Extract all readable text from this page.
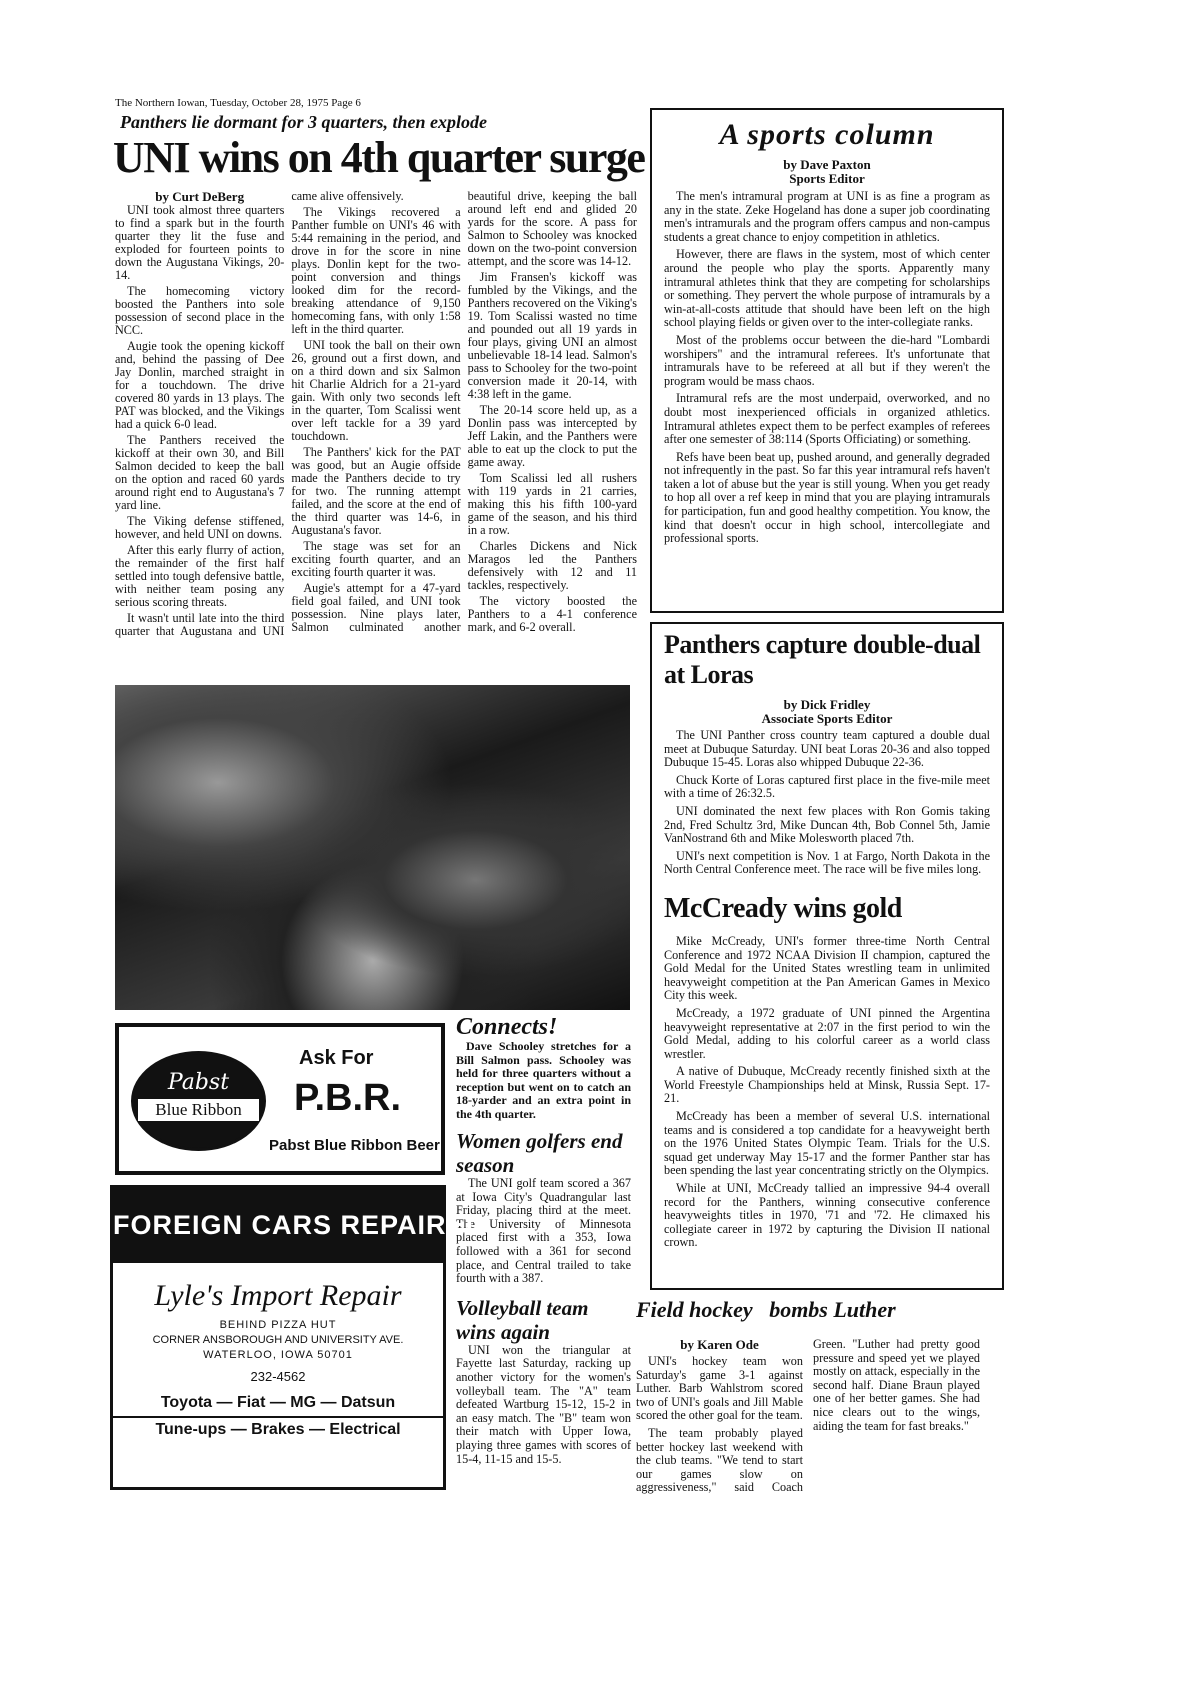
The Northern Iowan, Tuesday, October 28, 1975 Page 6
Panthers lie dormant for 3 quarters, then explode
UNI wins on 4th quarter surge
by Curt DeBerg

UNI took almost three quarters to find a spark but in the fourth quarter they lit the fuse and exploded for fourteen points to down the Augustana Vikings, 20-14.

The homecoming victory boosted the Panthers into sole possession of second place in the NCC.

Augie took the opening kickoff and, behind the passing of Dee Jay Donlin, marched straight in for a touchdown. The drive covered 80 yards in 13 plays. The PAT was blocked, and the Vikings had a quick 6-0 lead.

The Panthers received the kickoff at their own 30, and Bill Salmon decided to keep the ball on the option and raced 60 yards around right end to Augustana's 7 yard line.

The Viking defense stiffened, however, and held UNI on downs.

After this early flurry of action, the remainder of the first half settled into tough defensive battle, with neither team posing any serious scoring threats.

It wasn't until late into the third quarter that Augustana and UNI came alive offensively.

The Vikings recovered a Panther fumble on UNI's 46 with 5:44 remaining in the period, and drove in for the score in nine plays. Donlin kept for the two-point conversion and things looked dim for the record-breaking attendance of 9,150 homecoming fans, with only 1:58 left in the third quarter.

UNI took the ball on their own 26, ground out a first down, and on a third down and six Salmon hit Charlie Aldrich for a 21-yard gain. With only two seconds left in the quarter, Tom Scalissi went over left tackle for a 39 yard touchdown.

The Panthers' kick for the PAT was good, but an Augie offside made the Panthers decide to try for two. The running attempt failed, and the score at the end of the third quarter was 14-6, in Augustana's favor.

The stage was set for an exciting fourth quarter, and an exciting fourth quarter it was.

Augie's attempt for a 47-yard field goal failed, and UNI took possession. Nine plays later, Salmon culminated another beautiful drive, keeping the ball around left end and glided 20 yards for the score. A pass for Salmon to Schooley was knocked down on the two-point conversion attempt, and the score was 14-12.

Jim Fransen's kickoff was fumbled by the Vikings, and the Panthers recovered on the Viking's 19. Tom Scalissi wasted no time and pounded out all 19 yards in four plays, giving UNI an almost unbelievable 18-14 lead. Salmon's pass to Schooley for the two-point conversion made it 20-14, with 4:38 left in the game.

The 20-14 score held up, as a Donlin pass was intercepted by Jeff Lakin, and the Panthers were able to eat up the clock to put the game away.

Tom Scalissi led all rushers with 119 yards in 21 carries, making this his fifth 100-yard game of the season, and his third in a row.

Charles Dickens and Nick Maragos led the Panthers defensively with 12 and 11 tackles, respectively.

The victory boosted the Panthers to a 4-1 conference mark, and 6-2 overall.

A sports column
by Dave Paxton
Sports Editor

The men's intramural program at UNI is as fine a program as any in the state. Zeke Hogeland has done a super job coordinating men's intramurals and the program offers campus and non-campus students a great chance to enjoy competition in athletics.

However, there are flaws in the system, most of which center around the people who play the sports. Apparently many intramural athletes think that they are competing for scholarships or something. They pervert the whole purpose of intramurals by a win-at-all-costs attitude that should have been left on the high school playing fields or given over to the inter-collegiate ranks.

Most of the problems occur between the die-hard "Lombardi worshipers" and the intramural referees. It's unfortunate that intramurals have to be refereed at all but if they weren't the program would be mass chaos.

Intramural refs are the most underpaid, overworked, and no doubt most inexperienced officials in organized athletics. Intramural athletes expect them to be perfect examples of referees after one semester of 38:114 (Sports Officiating) or something.

Refs have been beat up, pushed around, and generally degraded not infrequently in the past. So far this year intramural refs haven't taken a lot of abuse but the year is still young. When you get ready to hop all over a ref keep in mind that you are playing intramurals for participation, fun and good healthy competition. You know, the kind that doesn't occur in high school, intercollegiate and professional sports.

Panthers capture double-dual at Loras
by Dick Fridley
Associate Sports Editor

The UNI Panther cross country team captured a double dual meet at Dubuque Saturday. UNI beat Loras 20-36 and also topped Dubuque 15-45. Loras also whipped Dubuque 22-36.

Chuck Korte of Loras captured first place in the five-mile meet with a time of 26:32.5.

UNI dominated the next few places with Ron Gomis taking 2nd, Fred Schultz 3rd, Mike Duncan 4th, Bob Connel 5th, Jamie VanNostrand 6th and Mike Molesworth placed 7th.

UNI's next competition is Nov. 1 at Fargo, North Dakota in the North Central Conference meet. The race will be five miles long.

McCready wins gold

Mike McCready, UNI's former three-time North Central Conference and 1972 NCAA Division II champion, captured the Gold Medal for the United States wrestling team in unlimited heavyweight competition at the Pan American Games in Mexico City this week.

McCready, a 1972 graduate of UNI pinned the Argentina heavyweight representative at 2:07 in the first period to win the Gold Medal, adding to his colorful career as a world class wrestler.

A native of Dubuque, McCready recently finished sixth at the World Freestyle Championships held at Minsk, Russia Sept. 17-21.

McCready has been a member of several U.S. international teams and is considered a top candidate for a heavyweight berth on the 1976 United States Olympic Team. Trials for the U.S. squad get underway May 15-17 and the former Panther star has been spending the last year concentrating strictly on the Olympics.

While at UNI, McCready tallied an impressive 94-4 overall record for the Panthers, winning consecutive conference heavyweights titles in 1970, '71 and '72. He climaxed his collegiate career in 1972 by capturing the Division II national crown.

Connects!
Dave Schooley stretches for a Bill Salmon pass. Schooley was held for three quarters without a reception but went on to catch an 18-yarder and an extra point in the 4th quarter.
Women golfers end season

The UNI golf team scored a 367 at Iowa City's Quadrangular last Friday, placing third at the meet. The University of Minnesota placed first with a 353, Iowa followed with a 361 for second place, and Central trailed to take fourth with a 387.

Volleyball team wins again

UNI won the triangular at Fayette last Saturday, racking up another victory for the women's volleyball team. The "A" team defeated Wartburg 15-12, 15-2 in an easy match. The "B" team won their match with Upper Iowa, playing three games with scores of 15-4, 11-15 and 15-5.

Field hockey   bombs Luther
by Karen Ode

UNI's hockey team won Saturday's game 3-1 against Luther. Barb Wahlstrom scored two of UNI's goals and Jill Mable scored the other goal for the team.

The team probably played better hockey last weekend with the club teams. "We tend to start our games slow on aggressiveness," said Coach Green. "Luther had pretty good pressure and speed yet we played mostly on attack, especially in the second half. Diane Braun played one of her better games. She had nice clears out to the wings, aiding the team for fast breaks."

Pabst
Blue Ribbon
Ask For
P.B.R.
Pabst Blue Ribbon Beer
FOREIGN CARS REPAIRED
Lyle's Import Repair
BEHIND PIZZA HUT
CORNER ANSBOROUGH AND UNIVERSITY AVE.
WATERLOO, IOWA 50701
232-4562
Toyota — Fiat — MG — Datsun
Tune-ups — Brakes — Electrical
